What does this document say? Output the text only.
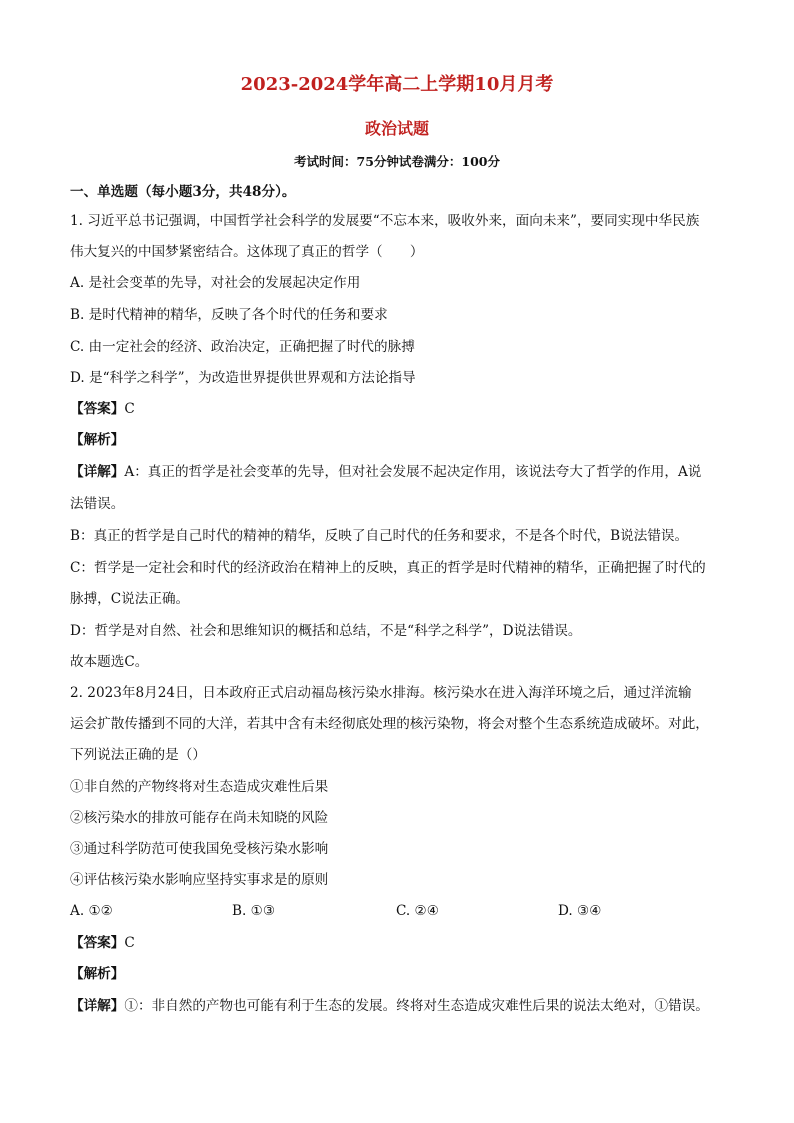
2023-2024学年高二上学期10月月考
政治试题
考试时间：75分钟试卷满分：100分
一、单选题（每小题3分，共48分）。
1. 习近平总书记强调，中国哲学社会科学的发展要“不忘本来，吸收外来，面向未来”，要同实现中华民族
伟大复兴的中国梦紧密结合。这体现了真正的哲学（　　）
A. 是社会变革的先导，对社会的发展起决定作用
B. 是时代精神的精华，反映了各个时代的任务和要求
C. 由一定社会的经济、政治决定，正确把握了时代的脉搏
D. 是“科学之科学”，为改造世界提供世界观和方法论指导
【答案】C
【解析】
【详解】A：真正的哲学是社会变革的先导，但对社会发展不起决定作用，该说法夸大了哲学的作用，A说
法错误。
B：真正的哲学是自己时代的精神的精华，反映了自己时代的任务和要求，不是各个时代，B说法错误。
C：哲学是一定社会和时代的经济政治在精神上的反映，真正的哲学是时代精神的精华，正确把握了时代的
脉搏，C说法正确。
D：哲学是对自然、社会和思维知识的概括和总结，不是“科学之科学”，D说法错误。
故本题选C。
2. 2023年8月24日，日本政府正式启动福岛核污染水排海。核污染水在进入海洋环境之后，通过洋流输
运会扩散传播到不同的大洋，若其中含有未经彻底处理的核污染物，将会对整个生态系统造成破坏。对此，
下列说法正确的是（）
①非自然的产物终将对生态造成灾难性后果
②核污染水的排放可能存在尚未知晓的风险
③通过科学防范可使我国免受核污染水影响
④评估核污染水影响应坚持实事求是的原则
A. ①②	B. ①③	C. ②④	D. ③④
【答案】C
【解析】
【详解】①：非自然的产物也可能有利于生态的发展。终将对生态造成灾难性后果的说法太绝对，①错误。
